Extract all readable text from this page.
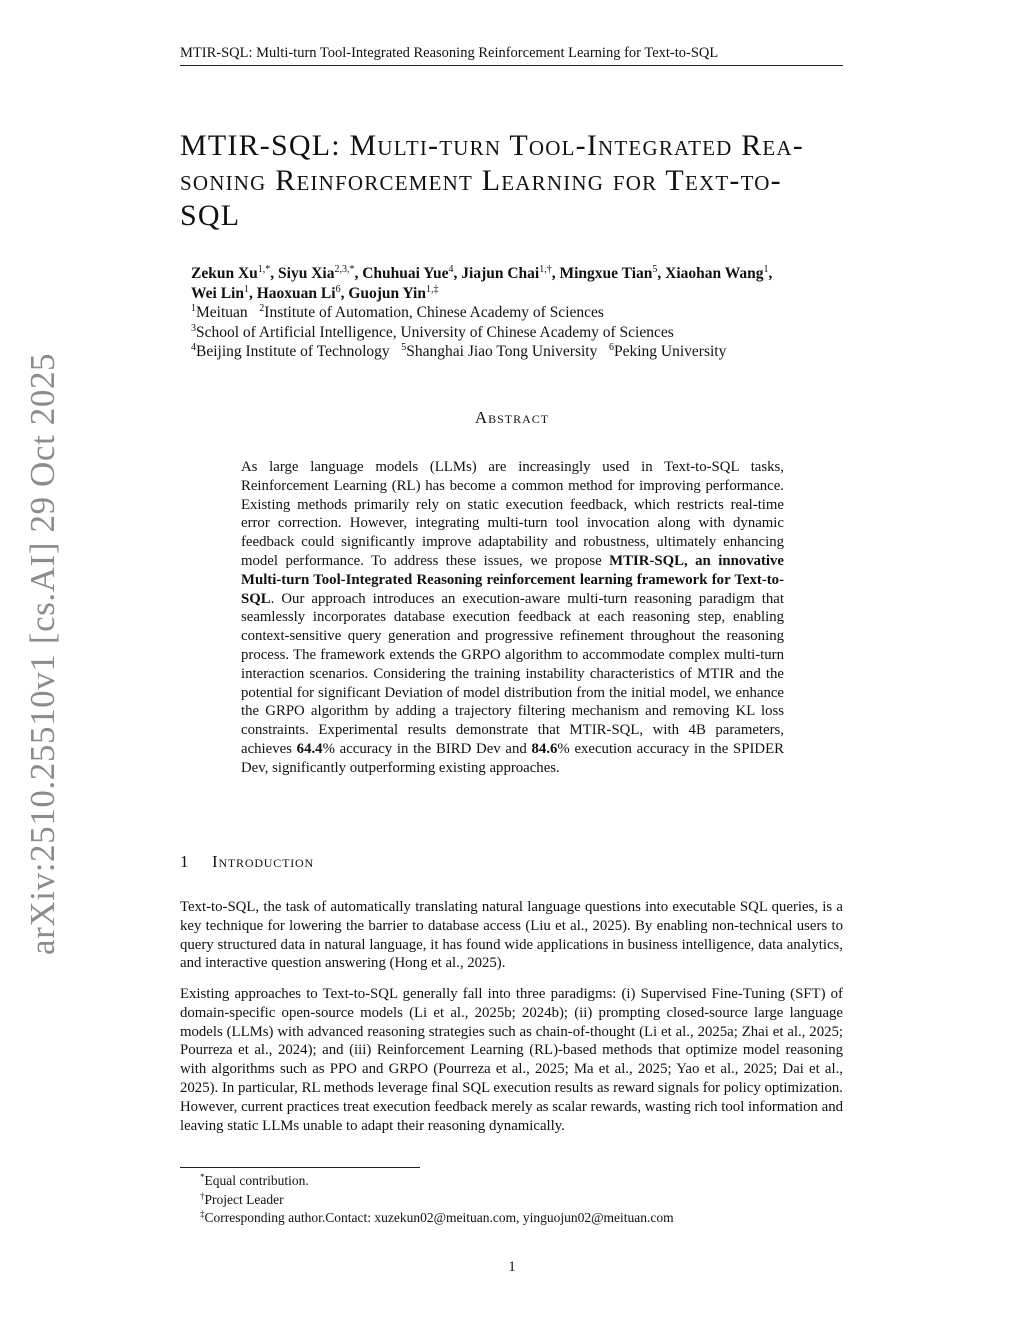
MTIR-SQL: Multi-turn Tool-Integrated Reasoning Reinforcement Learning for Text-to-SQL
arXiv:2510.25510v1 [cs.AI] 29 Oct 2025
MTIR-SQL: Multi-turn Tool-Integrated Rea-
soning Reinforcement Learning for Text-to-
SQL
Zekun $Xu^{1,*}$, Siyu Xia$^{2,3,*}$, Chuhuai Yue$^4$, Jiajun Chai$^{1,\dagger}$, Mingxue Tian$^5$, Xiaohan Wang$^1$,
Wei Lin$^1$, Haoxuan Li$^6$, Guojun Yin$^{1,\ddagger}$
$^1$Meituan $^2$Institute of Automation, Chinese Academy of Sciences
$^3$School of Artificial Intelligence, University of Chinese Academy of Sciences
$^4$Beijing Institute of Technology $^5$Shanghai Jiao Tong University $^6$Peking University
Abstract

As large language models (LLMs) are increasingly used in Text-to-SQL tasks, Reinforcement Learning (RL) has become a common method for improving performance. Existing methods primarily rely on static execution feedback, which restricts real-time error correction. However, integrating multi-turn tool invocation along with dynamic feedback could significantly improve adaptability and robustness, ultimately enhancing model performance. To address these issues, we propose MTIR-SQL, an innovative Multi-turn Tool-Integrated Reasoning reinforcement learning framework for Text-to-SQL. Our approach introduces an execution-aware multi-turn reasoning paradigm that seamlessly incorporates database execution feedback at each reasoning step, enabling context-sensitive query generation and progressive refinement throughout the reasoning process. The framework extends the GRPO algorithm to accommodate complex multi-turn interaction scenarios. Considering the training instability characteristics of MTIR and the potential for significant Deviation of model distribution from the initial model, we enhance the GRPO algorithm by adding a trajectory filtering mechanism and removing KL loss constraints. Experimental results demonstrate that MTIR-SQL, with 4B parameters, achieves 64.4% accuracy in the BIRD Dev and 84.6% execution accuracy in the SPIDER Dev, significantly outperforming existing approaches.

1 Introduction

Text-to-SQL, the task of automatically translating natural language questions into executable SQL queries, is a key technique for lowering the barrier to database access (Liu et al., 2025). By enabling non-technical users to query structured data in natural language, it has found wide applications in business intelligence, data analytics, and interactive question answering (Hong et al., 2025).

Existing approaches to Text-to-SQL generally fall into three paradigms: (i) Supervised Fine-Tuning (SFT) of domain-specific open-source models (Li et al., 2025b; 2024b); (ii) prompting closed-source large language models (LLMs) with advanced reasoning strategies such as chain-of-thought (Li et al., 2025a; Zhai et al., 2025; Pourreza et al., 2024); and (iii) Reinforcement Learning (RL)-based methods that optimize model reasoning with algorithms such as PPO and GRPO (Pourreza et al., 2025; Ma et al., 2025; Yao et al., 2025; Dai et al., 2025). In particular, RL methods leverage final SQL execution results as reward signals for policy optimization. However, current practices treat execution feedback merely as scalar rewards, wasting rich tool information and leaving static LLMs unable to adapt their reasoning dynamically.

*Equal contribution.
†Project Leader
‡Corresponding author.Contact: xuzekun02@meituan.com, yinguojun02@meituan.com
1
